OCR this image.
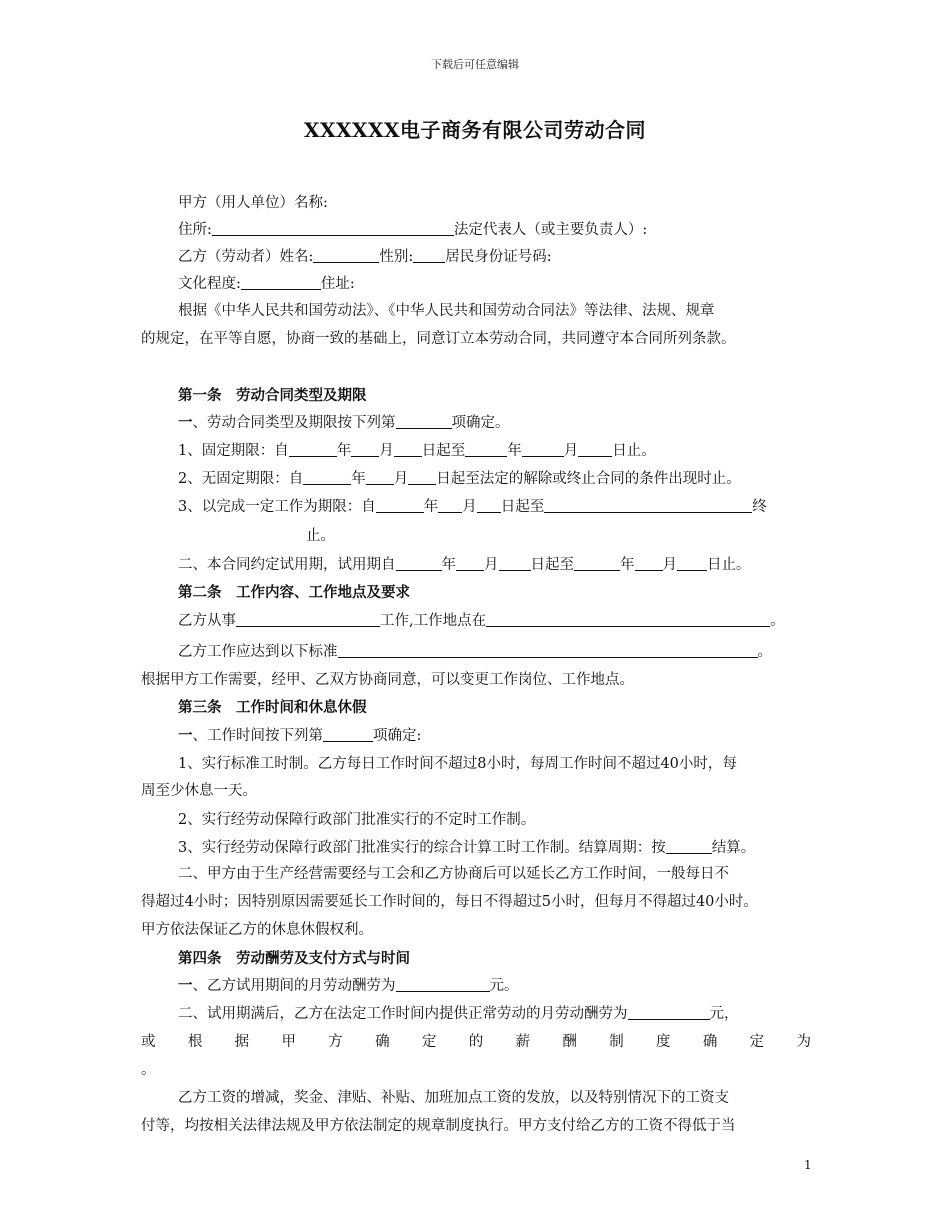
下载后可任意编辑
XXXXXX电子商务有限公司劳动合同
甲方（用人单位）名称:
住所:	法定代表人（或主要负责人）:
乙方（劳动者）姓名:	性别: 居民身份证号码:
文化程度:	住址:
根据《中华人民共和国劳动法》、《中华人民共和国劳动合同法》等法律、法规、规章
的规定，在平等自愿，协商一致的基础上，同意订立本劳动合同，共同遵守本合同所列条款。
第一条　劳动合同类型及期限
一、劳动合同类型及期限按下列第	项确定。
1、固定期限：自	年 月 日起至	年	月 日止。
2、无固定期限：自	年 月 日起至法定的解除或终止合同的条件出现时止。
3、以完成一定工作为期限：自	年 月 日起至	终
止。
二、本合同约定试用期，试用期自	年 月 日起至	年 月 日止。
第二条　工作内容、工作地点及要求
乙方从事	工作,工作地点在	。
乙方工作应达到以下标准	。
根据甲方工作需要，经甲、乙双方协商同意，可以变更工作岗位、工作地点。
第三条　工作时间和休息休假
一、工作时间按下列第	项确定:
1、实行标准工时制。乙方每日工作时间不超过8小时，每周工作时间不超过40小时，每
周至少休息一天。
2、实行经劳动保障行政部门批准实行的不定时工作制。
3、实行经劳动保障行政部门批准实行的综合计算工时工作制。结算周期：按	结算。
二、甲方由于生产经营需要经与工会和乙方协商后可以延长乙方工作时间，一般每日不
得超过4小时；因特别原因需要延长工作时间的，每日不得超过5小时，但每月不得超过40小时。
甲方依法保证乙方的休息休假权利。
第四条　劳动酬劳及支付方式与时间
一、乙方试用期间的月劳动酬劳为	元。
二、试用期满后，乙方在法定工作时间内提供正常劳动的月劳动酬劳为	元，
或根据甲方确定的薪酬制度确定为
。
乙方工资的增减，奖金、津贴、补贴、加班加点工资的发放，以及特别情况下的工资支
付等，均按相关法律法规及甲方依法制定的规章制度执行。甲方支付给乙方的工资不得低于当
1
